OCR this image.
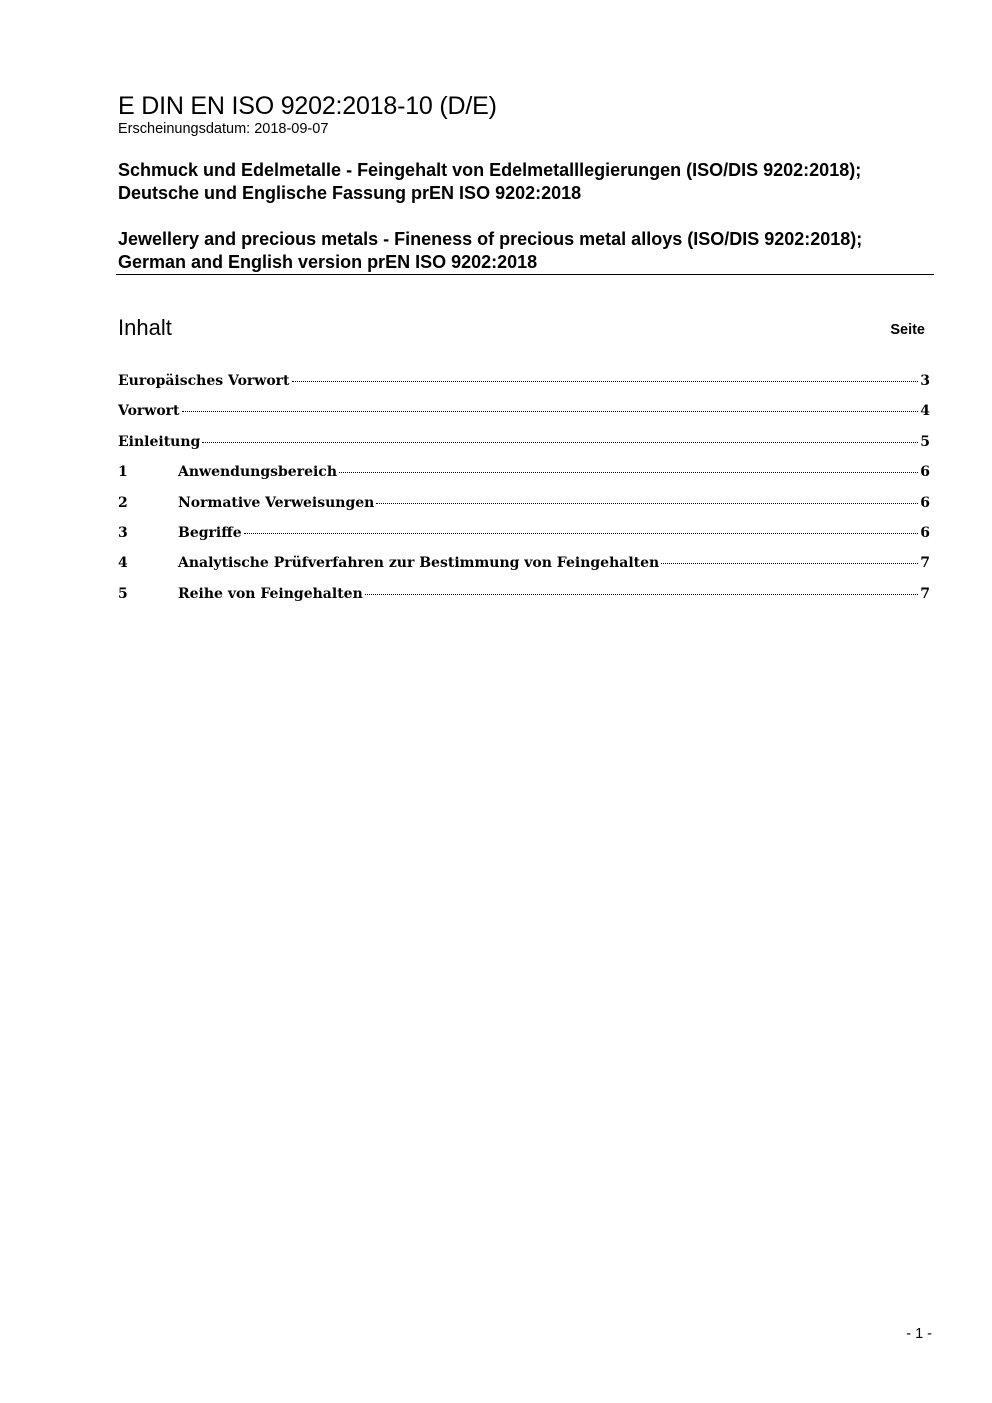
E DIN EN ISO 9202:2018-10 (D/E)
Erscheinungsdatum: 2018-09-07
Schmuck und Edelmetalle - Feingehalt von Edelmetalllegierungen (ISO/DIS 9202:2018); Deutsche und Englische Fassung prEN ISO 9202:2018
Jewellery and precious metals - Fineness of precious metal alloys (ISO/DIS 9202:2018); German and English version prEN ISO 9202:2018
Inhalt	Seite
Europäisches Vorwort	3
Vorwort	4
Einleitung	5
1	Anwendungsbereich	6
2	Normative Verweisungen	6
3	Begriffe	6
4	Analytische Prüfverfahren zur Bestimmung von Feingehalten	7
5	Reihe von Feingehalten	7
- 1 -
